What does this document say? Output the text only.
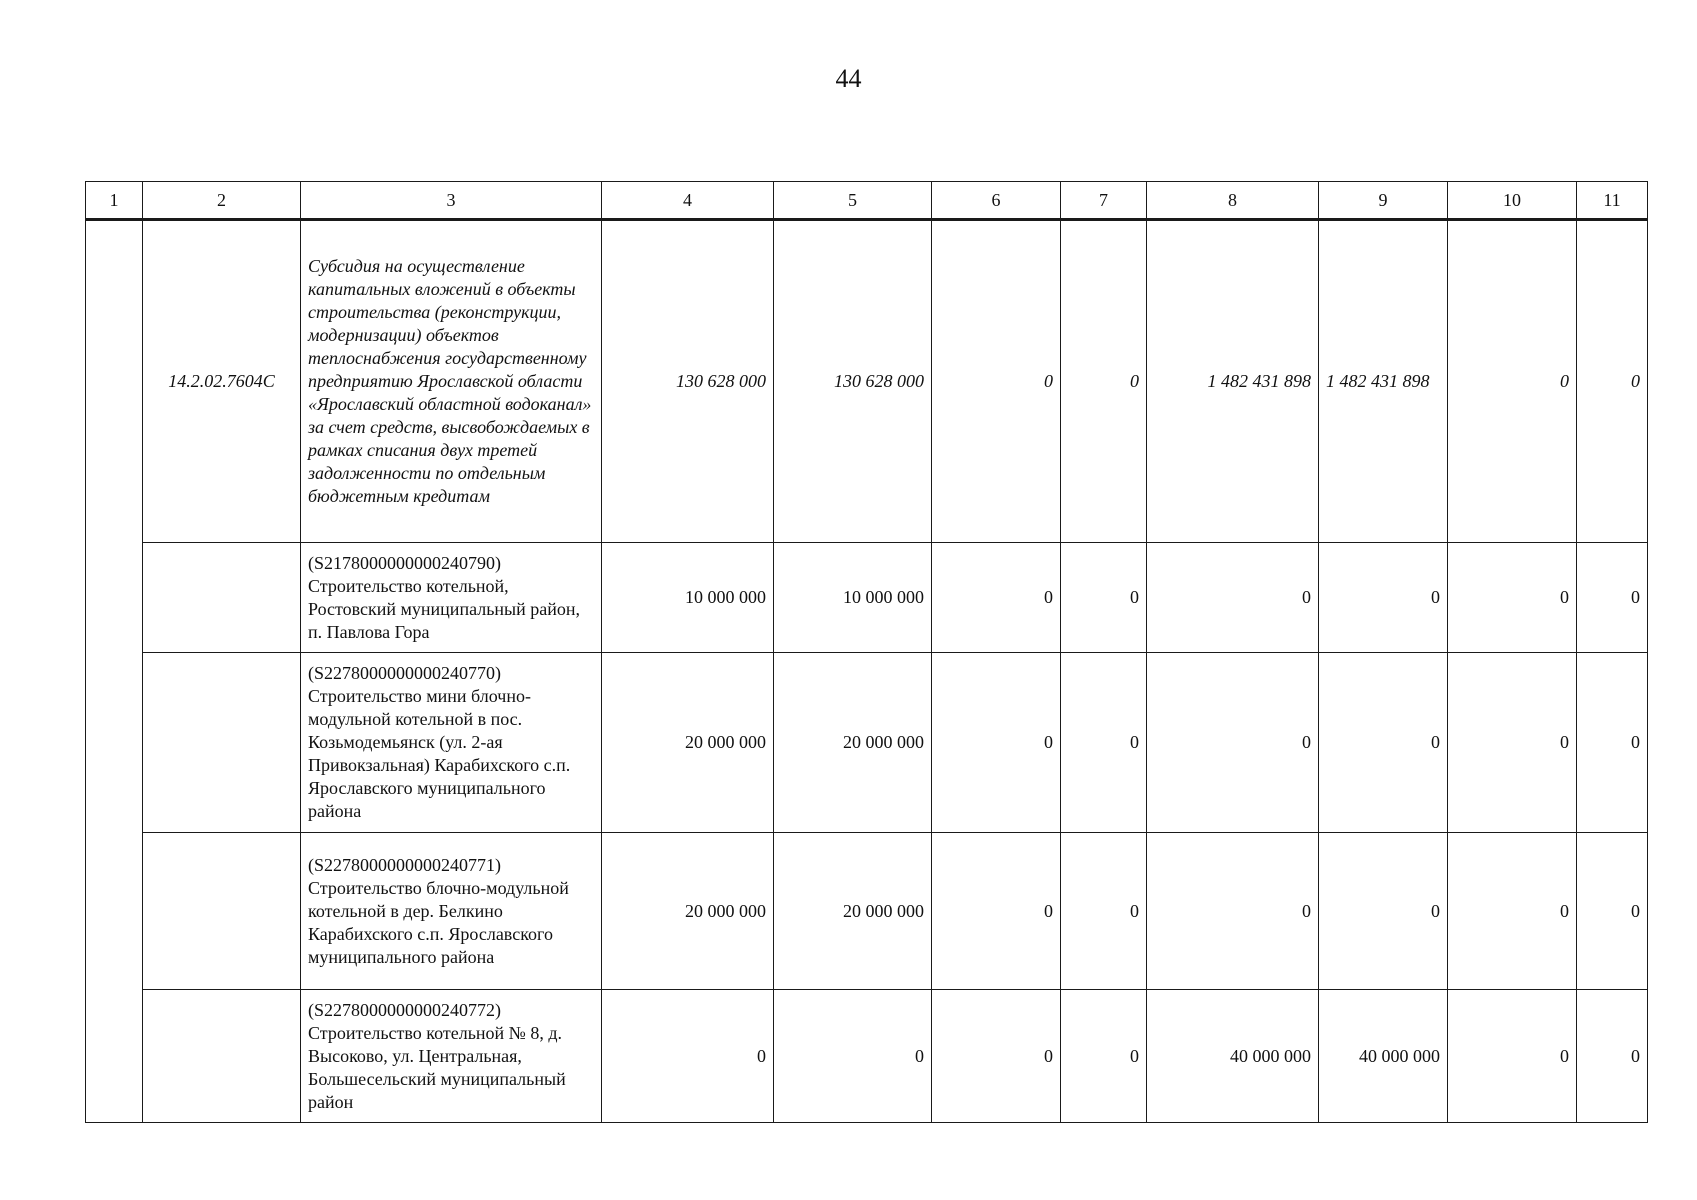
44
1	2	3	4	5	6	7	8	9	10	11
	14.2.02.7604С	Субсидия на осуществление капитальных вложений в объекты строительства (реконструкции, модернизации) объектов теплоснабжения государственному предприятию Ярославской области «Ярославский областной водоканал» за счет средств, высвобождаемых в рамках списания двух третей задолженности по отдельным бюджетным кредитам	130 628 000	130 628 000	0	0	1 482 431 898	1 482 431 898	0	0
		(S2178000000000240790) Строительство котельной, Ростовский муниципальный район, п. Павлова Гора	10 000 000	10 000 000	0	0	0	0	0	0
		(S2278000000000240770) Строительство мини блочно-модульной котельной в пос. Козьмодемьянск (ул. 2-ая Привокзальная) Карабихского с.п. Ярославского муниципального района	20 000 000	20 000 000	0	0	0	0	0	0
		(S2278000000000240771) Строительство блочно-модульной котельной в дер. Белкино Карабихского с.п. Ярославского муниципального района	20 000 000	20 000 000	0	0	0	0	0	0
		(S2278000000000240772) Строительство котельной № 8, д. Высоково, ул. Центральная, Большесельский муниципальный район	0	0	0	0	40 000 000	40 000 000	0	0
